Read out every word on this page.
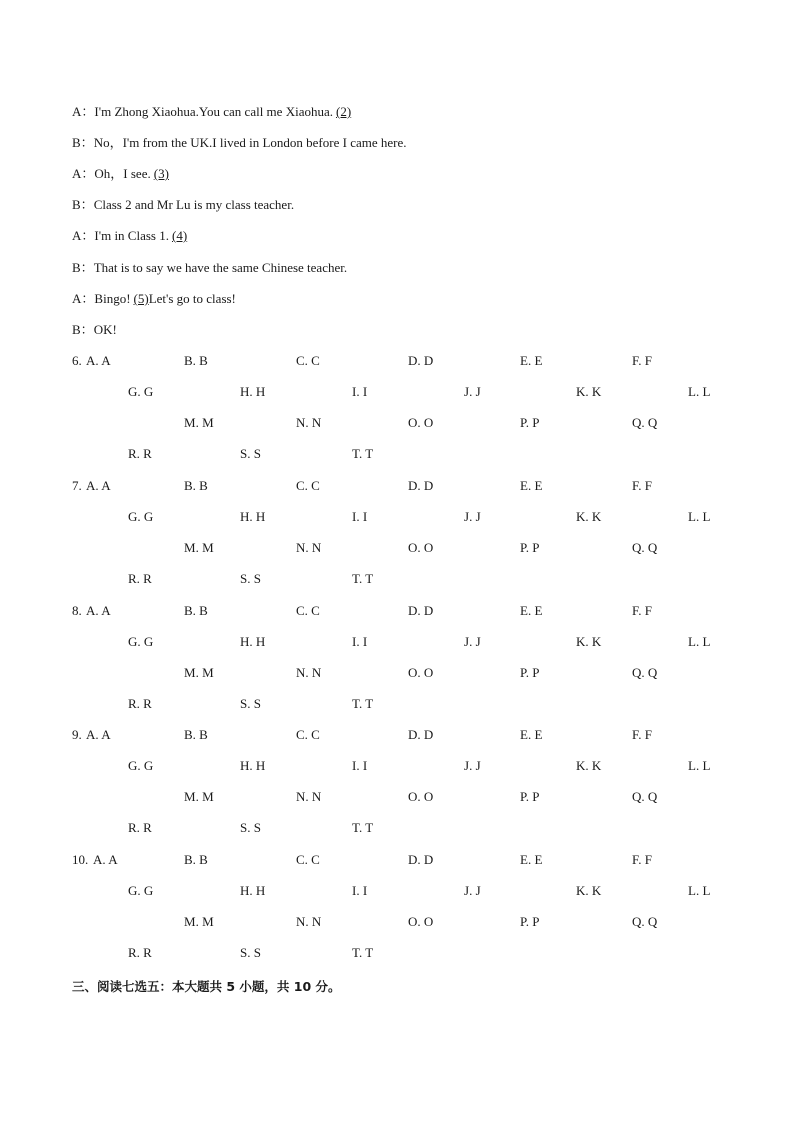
A：I'm Zhong Xiaohua.You can call me Xiaohua. (2)
B：No，I'm from the UK.I lived in London before I came here.
A：Oh，I see. (3)
B：Class 2 and Mr Lu is my class teacher.
A：I'm in Class 1. (4)
B：That is to say we have the same Chinese teacher.
A：Bingo! (5)Let's go to class!
B：OK!
6. A. A	B. B	C. C	D. D	E. E	F. F
G. G	H. H	I. I	J. J	K. K	L. L
M. M	N. N	O. O	P. P	Q. Q
R. R	S. S	T. T
7. A. A	B. B	C. C	D. D	E. E	F. F
G. G	H. H	I. I	J. J	K. K	L. L
M. M	N. N	O. O	P. P	Q. Q
R. R	S. S	T. T
8. A. A	B. B	C. C	D. D	E. E	F. F
G. G	H. H	I. I	J. J	K. K	L. L
M. M	N. N	O. O	P. P	Q. Q
R. R	S. S	T. T
9. A. A	B. B	C. C	D. D	E. E	F. F
G. G	H. H	I. I	J. J	K. K	L. L
M. M	N. N	O. O	P. P	Q. Q
R. R	S. S	T. T
10. A. A	B. B	C. C	D. D	E. E	F. F
G. G	H. H	I. I	J. J	K. K	L. L
M. M	N. N	O. O	P. P	Q. Q
R. R	S. S	T. T
三、阅读七选五：本大题共 5 小题，共 10 分。
